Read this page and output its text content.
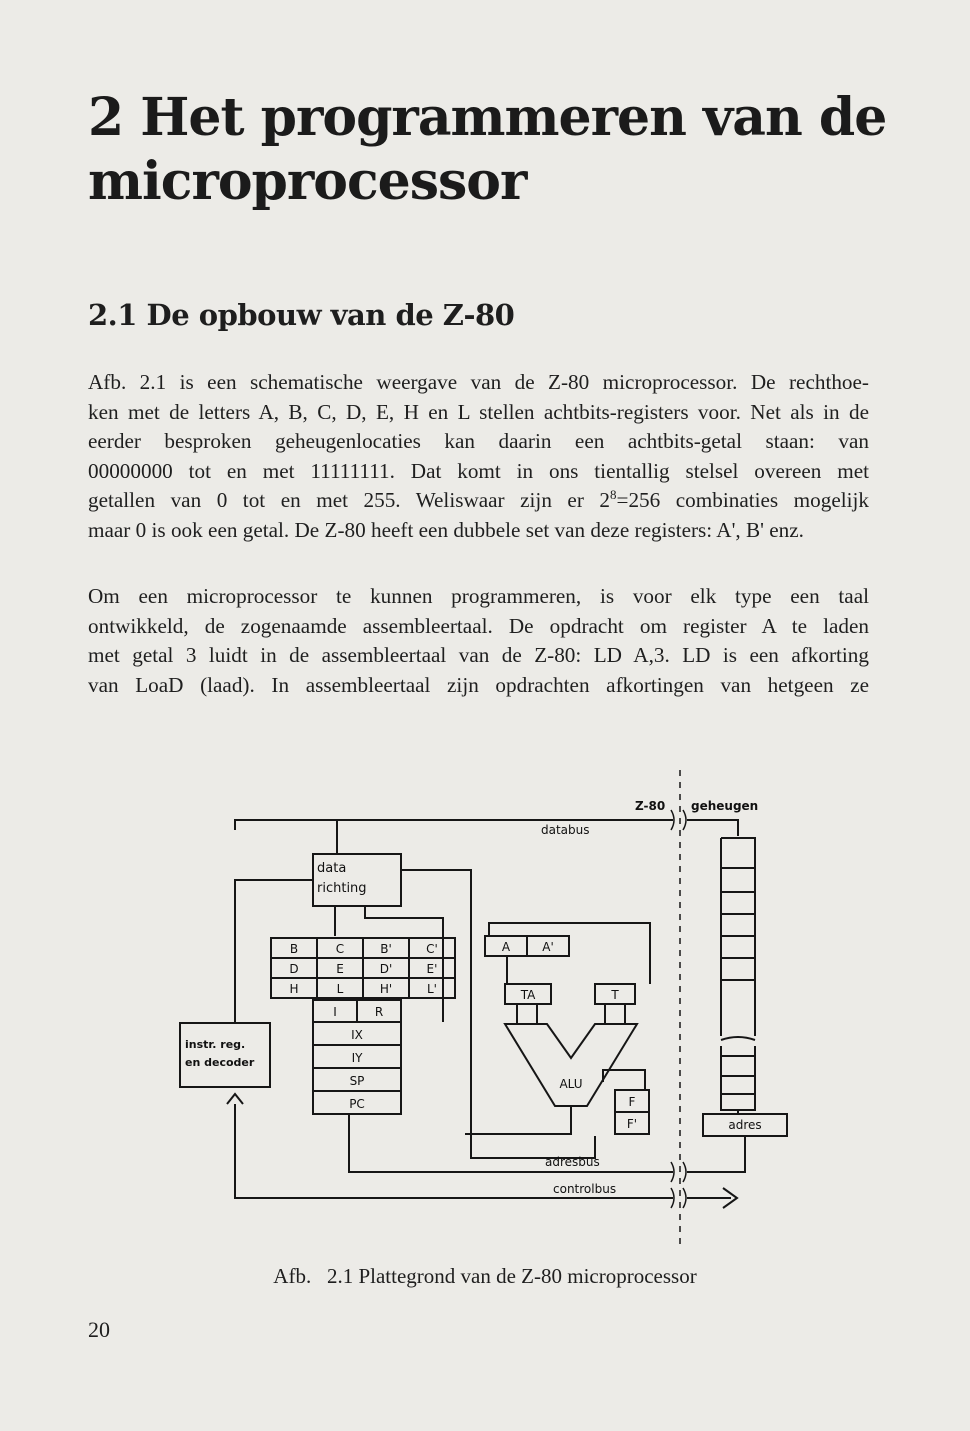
2 Het programmeren van de
microprocessor
2.1 De opbouw van de Z-80
Afb. 2.1 is een schematische weergave van de Z-80 microprocessor. De rechthoe-
ken met de letters A, B, C, D, E, H en L stellen achtbits-registers voor. Net als in de
eerder besproken geheugenlocaties kan daarin een achtbits-getal staan: van
00000000 tot en met 11111111. Dat komt in ons tientallig stelsel overeen met
getallen van 0 tot en met 255. Weliswaar zijn er $2^8=256$ combinaties mogelijk
maar 0 is ook een getal. De Z-80 heeft een dubbele set van deze registers: A', B' enz.
Om een microprocessor te kunnen programmeren, is voor elk type een taal
ontwikkeld, de zogenaamde assembleertaal. De opdracht om register A te laden
met getal 3 luidt in de assembleertaal van de Z-80: LD A,3. LD is een afkorting
van LoaD (laad). In assembleertaal zijn opdrachten afkortingen van hetgeen ze
Z-80 geheugen
databus
data
richting
B	C	B'	C'
D	E	D'	E'
H	L	H'	L'
I	R
IX
IY
SP
PC
A	A'
TA	T
ALU
F
F'	adres
instr. reg.
en decoder
adresbus
controlbus

Afb.   2.1 Plattegrond van de Z-80 microprocessor

20
